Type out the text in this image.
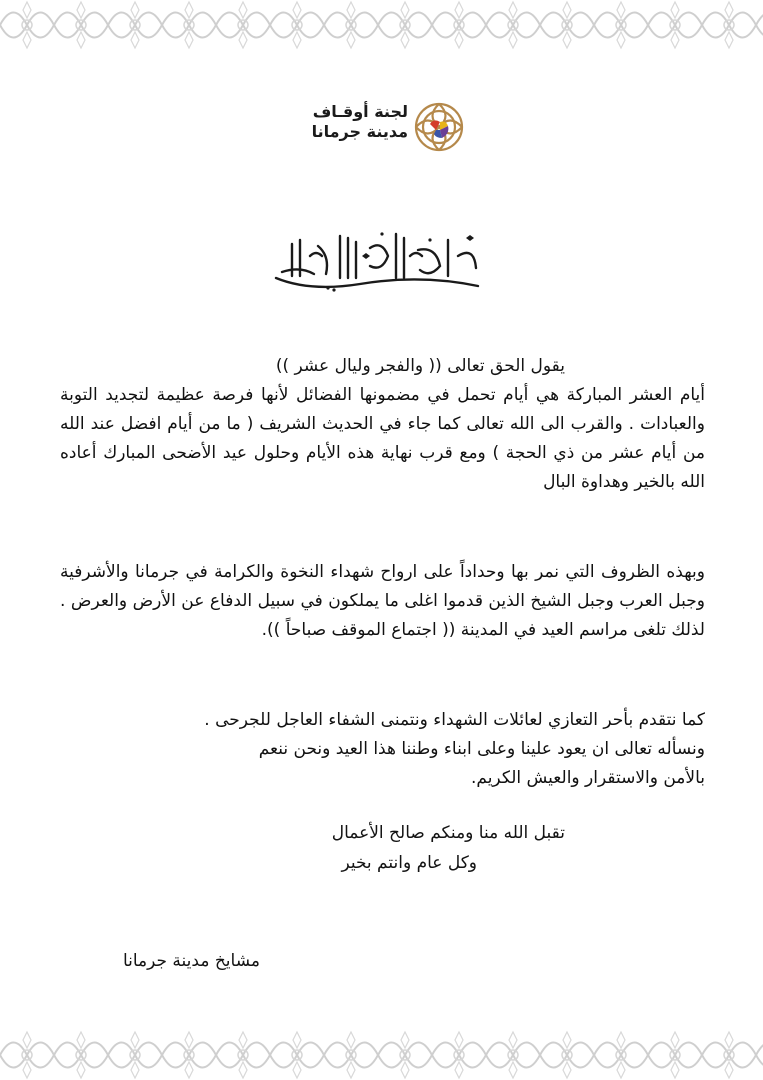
لجنة أوقـاف
مدينة جرمانا
يقول الحق تعالى (( والفجر وليال عشر ))

أيام العشر المباركة هي أيام تحمل في مضمونها الفضائل لأنها فرصة عظيمة لتجديد التوبة والعبادات . والقرب الى الله تعالى كما جاء في الحديث الشريف ( ما من أيام افضل عند الله من أيام عشر من ذي الحجة ) ومع قرب نهاية هذه الأيام وحلول عيد الأضحى المبارك أعاده الله بالخير وهداوة البال

وبهذه الظروف التي نمر بها وحداداً على ارواح شهداء النخوة والكرامة في جرمانا والأشرفية وجبل العرب وجبل الشيخ الذين قدموا اغلى ما يملكون في سبيل الدفاع عن الأرض والعرض . لذلك تلغى مراسم العيد في المدينة (( اجتماع الموقف صباحاً )).

كما نتقدم بأحر التعازي لعائلات الشهداء ونتمنى الشفاء العاجل للجرحى .

ونسأله تعالى ان يعود علينا وعلى ابناء وطننا هذا العيد ونحن ننعم

بالأمن والاستقرار والعيش الكريم.

تقبل الله منا ومنكم صالح الأعمال
وكل عام وانتم بخير
مشايخ مدينة جرمانا
